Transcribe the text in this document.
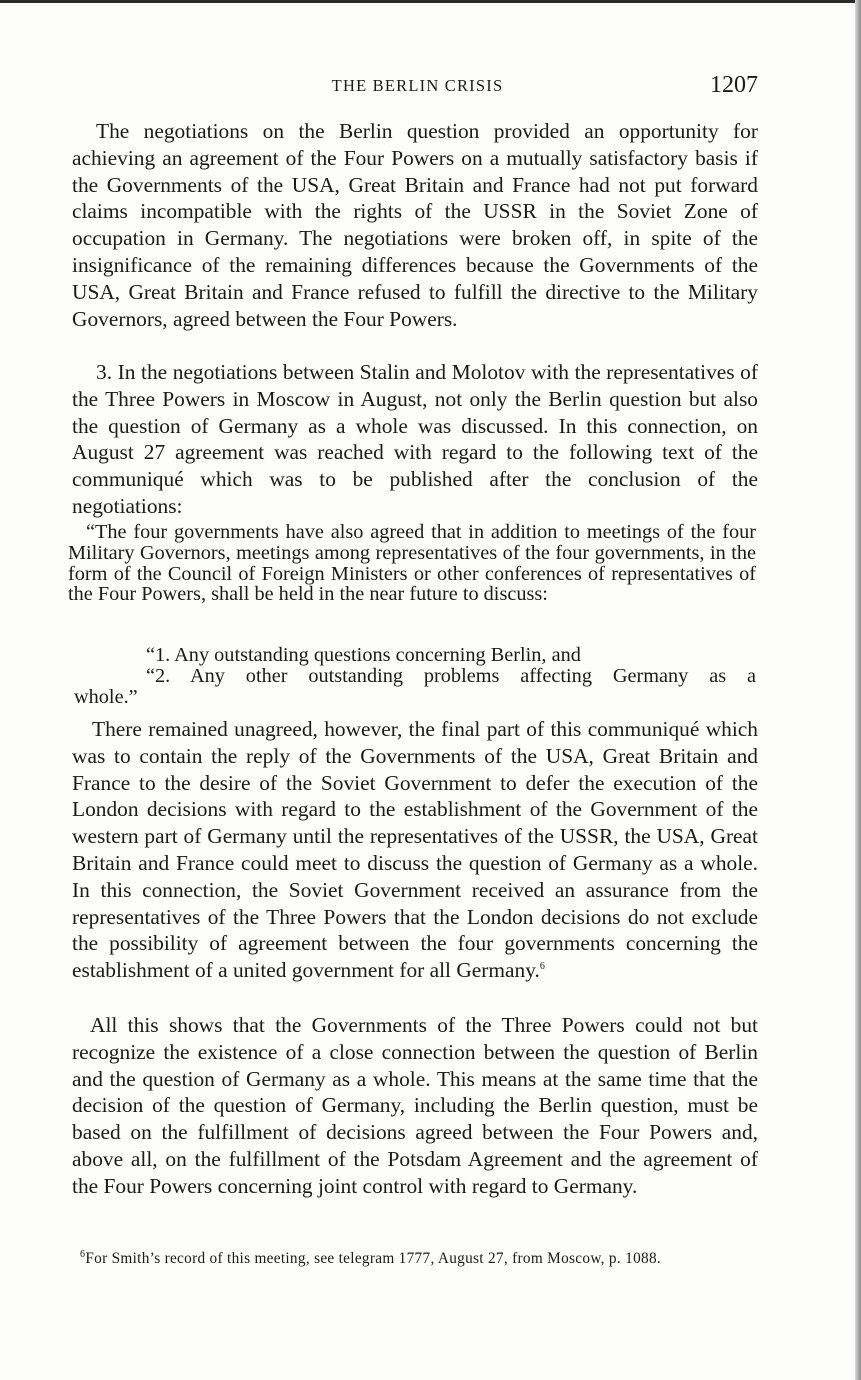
THE BERLIN CRISIS	1207

The negotiations on the Berlin question provided an opportunity for achieving an agreement of the Four Powers on a mutually satisfactory basis if the Governments of the USA, Great Britain and France had not put forward claims incompatible with the rights of the USSR in the Soviet Zone of occupation in Germany. The negotiations were broken off, in spite of the insignificance of the remaining differences because the Governments of the USA, Great Britain and France refused to fulfill the directive to the Military Governors, agreed between the Four Powers.

3. In the negotiations between Stalin and Molotov with the representatives of the Three Powers in Moscow in August, not only the Berlin question but also the question of Germany as a whole was discussed. In this connection, on August 27 agreement was reached with regard to the following text of the communiqué which was to be published after the conclusion of the negotiations:

“The four governments have also agreed that in addition to meetings of the four Military Governors, meetings among representatives of the four governments, in the form of the Council of Foreign Ministers or other conferences of representatives of the Four Powers, shall be held in the near future to discuss:

“1. Any outstanding questions concerning Berlin, and
“2. Any other outstanding problems affecting Germany as a
whole.”

There remained unagreed, however, the final part of this communiqué which was to contain the reply of the Governments of the USA, Great Britain and France to the desire of the Soviet Government to defer the execution of the London decisions with regard to the establishment of the Government of the western part of Germany until the representatives of the USSR, the USA, Great Britain and France could meet to discuss the question of Germany as a whole. In this connection, the Soviet Government received an assurance from the representatives of the Three Powers that the London decisions do not exclude the possibility of agreement between the four governments concerning the establishment of a united government for all Germany.$^6$

All this shows that the Governments of the Three Powers could not but recognize the existence of a close connection between the question of Berlin and the question of Germany as a whole. This means at the same time that the decision of the question of Germany, including the Berlin question, must be based on the fulfillment of decisions agreed between the Four Powers and, above all, on the fulfillment of the Potsdam Agreement and the agreement of the Four Powers concerning joint control with regard to Germany.

$^6$For Smith’s record of this meeting, see telegram 1777, August 27, from Moscow, p. 1088.
